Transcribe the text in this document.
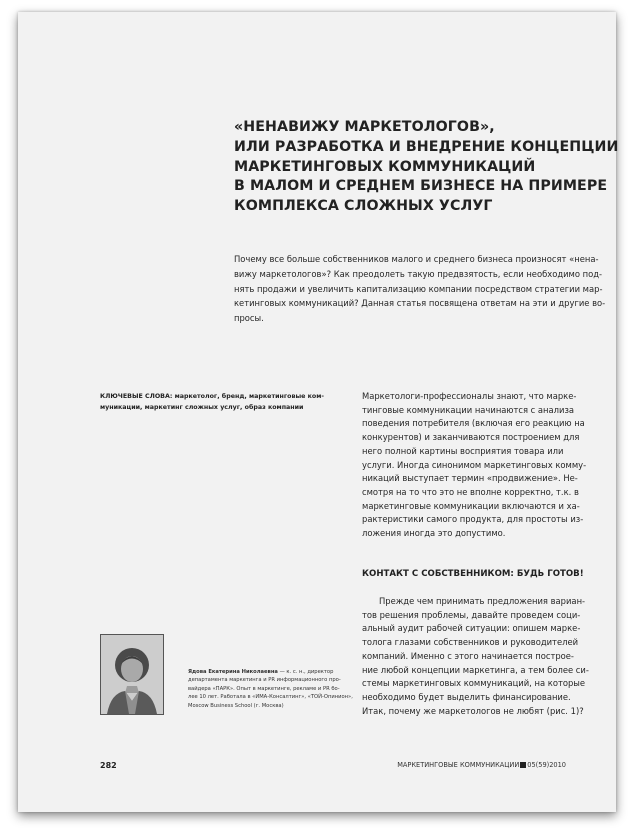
«НЕНАВИЖУ МАРКЕТОЛОГОВ»,
ИЛИ РАЗРАБОТКА И ВНЕДРЕНИЕ КОНЦЕПЦИИ
МАРКЕТИНГОВЫХ КОММУНИКАЦИЙ
В МАЛОМ И СРЕДНЕМ БИЗНЕСЕ НА ПРИМЕРЕ
КОМПЛЕКСА СЛОЖНЫХ УСЛУГ
Почему все больше собственников малого и среднего бизнеса произносят «нена-
вижу маркетологов»? Как преодолеть такую предвзятость, если необходимо под-
нять продажи и увеличить капитализацию компании посредством стратегии мар-
кетинговых коммуникаций? Данная статья посвящена ответам на эти и другие во-
просы.
КЛЮЧЕВЫЕ СЛОВА: маркетолог, бренд, маркетинговые ком-
муникации, маркетинг сложных услуг, образ компании
Маркетологи-профессионалы знают, что марке-
тинговые коммуникации начинаются с анализа
поведения потребителя (включая его реакцию на
конкурентов) и заканчиваются построением для
него полной картины восприятия товара или
услуги. Иногда синонимом маркетинговых комму-
никаций выступает термин «продвижение». Не-
смотря на то что это не вполне корректно, т.к. в
маркетинговые коммуникации включаются и ха-
рактеристики самого продукта, для простоты из-
ложения иногда это допустимо.
КОНТАКТ С СОБСТВЕННИКОМ: БУДЬ ГОТОВ!
Прежде чем принимать предложения вариан-
тов решения проблемы, давайте проведем соци-
альный аудит рабочей ситуации: опишем марке-
толога глазами собственников и руководителей
компаний. Именно с этого начинается построе-
ние любой концепции маркетинга, а тем более си-
стемы маркетинговых коммуникаций, на которые
необходимо будет выделить финансирование.
Итак, почему же маркетологов не любят (рис. 1)?
Ядова Екатерина Николаевна — к. с. н., директор
департамента маркетинга и PR информационного про-
вайдера «ПАРК». Опыт в маркетинге, рекламе и PR бо-
лее 10 лет. Работала в «ИМА-Консалтинг», «ТОЙ-Опинион»,
Moscow Business School (г. Москва)
282	МАРКЕТИНГОВЫЕ КОММУНИКАЦИИ 05(59)2010
